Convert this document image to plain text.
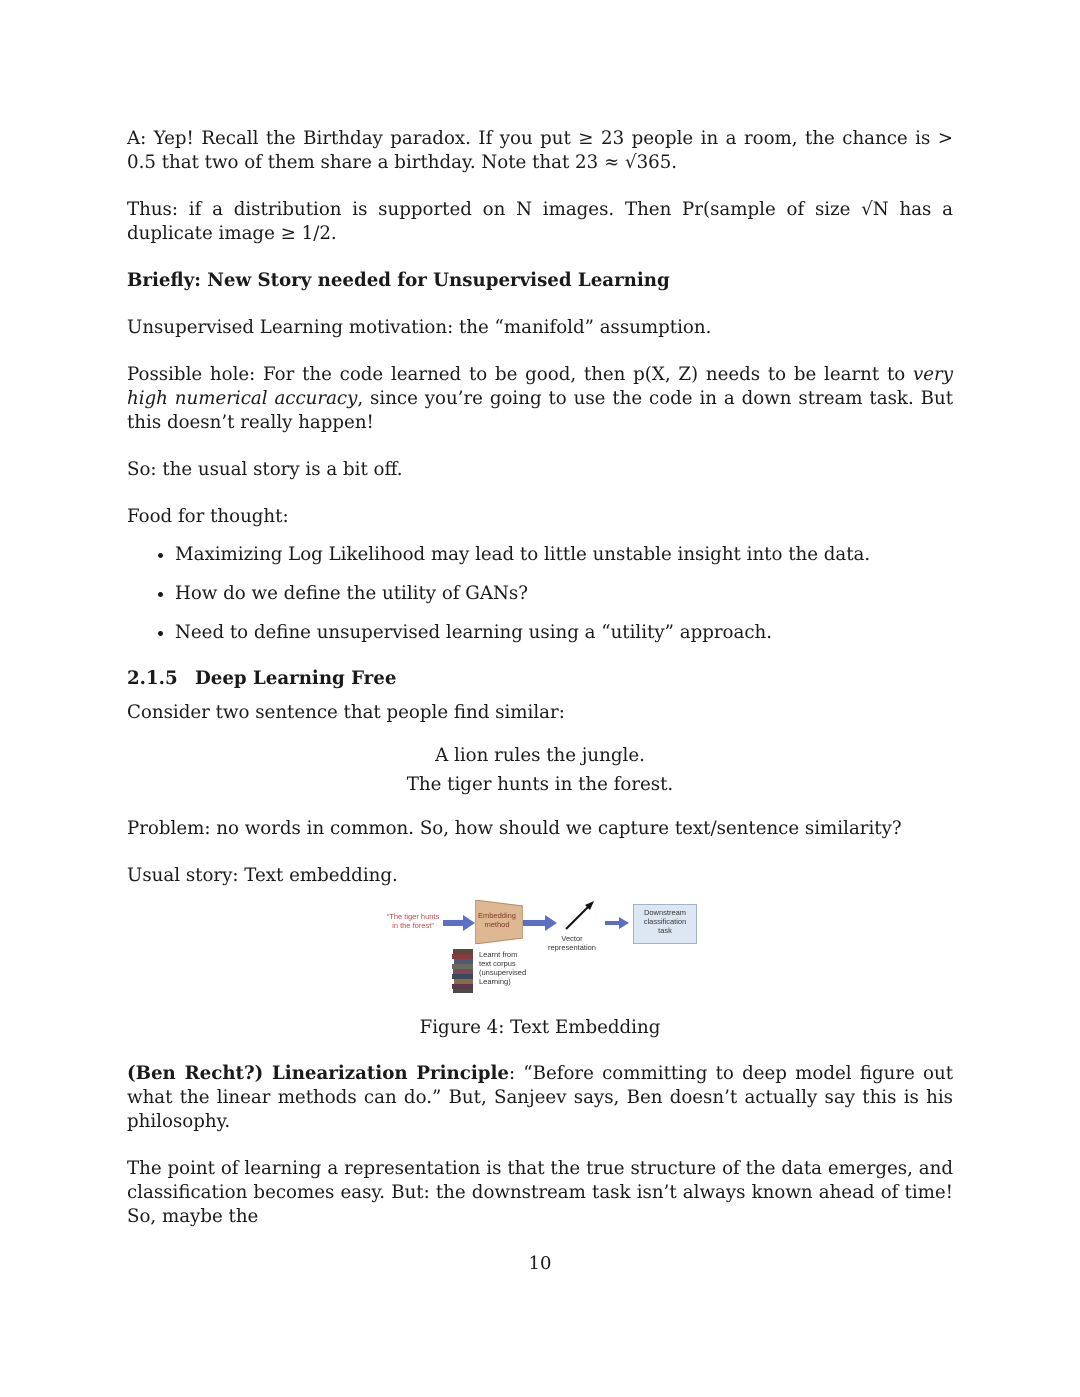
A: Yep! Recall the Birthday paradox. If you put ≥ 23 people in a room, the chance is > 0.5 that two of them share a birthday. Note that 23 ≈ √365.

Thus: if a distribution is supported on N images. Then Pr(sample of size √N has a duplicate image ≥ 1/2.

Briefly: New Story needed for Unsupervised Learning

Unsupervised Learning motivation: the “manifold” assumption.

Possible hole: For the code learned to be good, then p(X, Z) needs to be learnt to very high numerical accuracy, since you’re going to use the code in a down stream task. But this doesn’t really happen!

So: the usual story is a bit off.

Food for thought:

• Maximizing Log Likelihood may lead to little unstable insight into the data.
• How do we define the utility of GANs?
• Need to define unsupervised learning using a “utility” approach.
2.1.5 Deep Learning Free

Consider two sentence that people find similar:

A lion rules the jungle.
The tiger hunts in the forest.

Problem: no words in common. So, how should we capture text/sentence similarity?

Usual story: Text embedding.

“The tiger hunts
in the forest”
Embedding
method
Vector
representation
Downstream
classification
task
Learnt from
text corpus
(unsupervised
Learning)

Figure 4: Text Embedding

(Ben Recht?) Linearization Principle: “Before committing to deep model figure out what the linear methods can do.” But, Sanjeev says, Ben doesn’t actually say this is his philosophy.

The point of learning a representation is that the true structure of the data emerges, and classification becomes easy. But: the downstream task isn’t always known ahead of time! So, maybe the

10
